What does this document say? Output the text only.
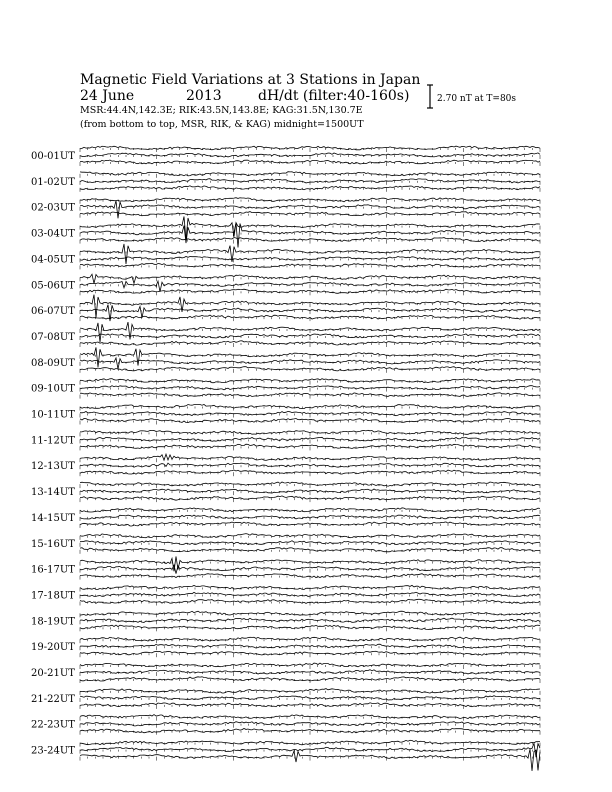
Magnetic Field Variations at 3 Stations in Japan
24 June	2013	dH/dt (filter:40-160s)
MSR:44.4N,142.3E; RIK:43.5N,143.8E; KAG:31.5N,130.7E
(from bottom to top, MSR, RIK, & KAG) midnight=1500UT
2.70 nT at T=80s
00-01UT
01-02UT
02-03UT
03-04UT
04-05UT
05-06UT
06-07UT
07-08UT
08-09UT
09-10UT
10-11UT
11-12UT
12-13UT
13-14UT
14-15UT
15-16UT
16-17UT
17-18UT
18-19UT
19-20UT
20-21UT
21-22UT
22-23UT
23-24UT
